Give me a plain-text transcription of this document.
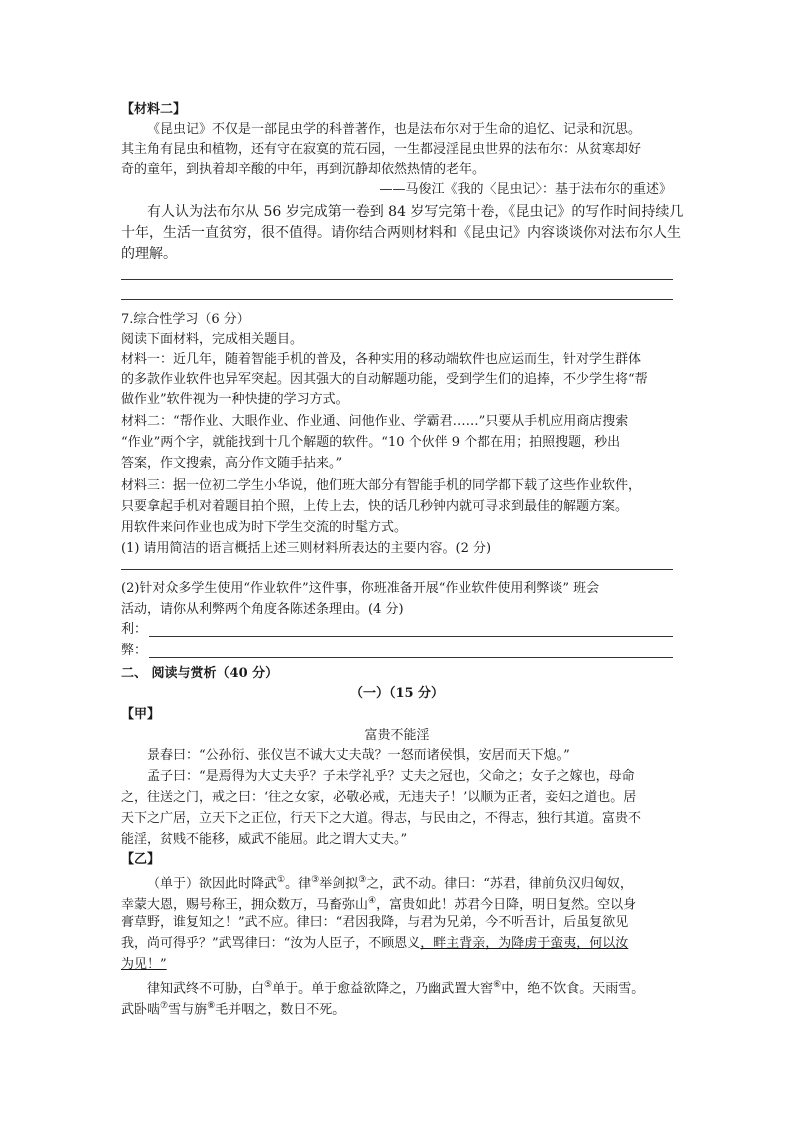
【材料二】
《昆虫记》不仅是一部昆虫学的科普著作，也是法布尔对于生命的追忆、记录和沉思。
其主角有昆虫和植物，还有守在寂寞的荒石园，一生都浸淫昆虫世界的法布尔：从贫寒却好
奇的童年，到执着却辛酸的中年，再到沉静却依然热情的老年。
——马俊江《我的〈昆虫记〉：基于法布尔的重述》
有人认为法布尔从 56 岁完成第一卷到 84 岁写完第十卷，《昆虫记》的写作时间持续几
十年，生活一直贫穷，很不值得。请你结合两则材料和《昆虫记》内容谈谈你对法布尔人生
的理解。
7.综合性学习（6 分）
阅读下面材料，完成相关题目。
材料一：近几年，随着智能手机的普及，各种实用的移动端软件也应运而生，针对学生群体
的多款作业软件也异军突起。因其强大的自动解题功能，受到学生们的追捧，不少学生将“帮
做作业”软件视为一种快捷的学习方式。
材料二：“帮作业、大眼作业、作业通、问他作业、学霸君……”只要从手机应用商店搜索
“作业”两个字，就能找到十几个解题的软件。“10 个伙伴 9 个都在用；拍照搜题，秒出
答案，作文搜索，高分作文随手拈来。”
材料三：据一位初二学生小华说，他们班大部分有智能手机的同学都下载了这些作业软件，
只要拿起手机对着题目拍个照，上传上去，快的话几秒钟内就可寻求到最佳的解题方案。
用软件来问作业也成为时下学生交流的时髦方式。
(1) 请用简洁的语言概括上述三则材料所表达的主要内容。(2 分)
(2)针对众多学生使用“作业软件”这件事，你班准备开展“作业软件使用利弊谈” 班会
活动，请你从利弊两个角度各陈述条理由。(4 分)
利：
弊：
二、 阅读与赏析（40 分）
（一）（15 分）
【甲】
富贵不能淫
景春曰：“公孙衍、张仪岂不诚大丈夫哉？一怒而诸侯惧，安居而天下熄。”
孟子曰：“是焉得为大丈夫乎？子未学礼乎？丈夫之冠也，父命之；女子之嫁也，母命
之，往送之门，戒之曰：‘往之女家，必敬必戒，无违夫子！’以顺为正者，妾妇之道也。居
天下之广居，立天下之正位，行天下之大道。得志，与民由之，不得志，独行其道。富贵不
能淫，贫贱不能移，威武不能屈。此之谓大丈夫。”
【乙】
（单于）欲因此时降武①。律③举剑拟③之，武不动。律曰：“苏君，律前负汉归匈奴，
幸蒙大恩，赐号称王，拥众数万，马畜弥山④，富贵如此！苏君今日降，明日复然。空以身
膏草野，谁复知之！”武不应。律曰：“君因我降，与君为兄弟，今不听吾计，后虽复欲见
我，尚可得乎？”武骂律曰：“汝为人臣子，不顾恩义，畔主背亲，为降虏于蛮夷，何以汝
为见！”
律知武终不可胁，白⑤单于。单于愈益欲降之，乃幽武置大窖⑥中，绝不饮食。天雨雪。
武卧啮⑦雪与旃⑧毛并咽之，数日不死。
